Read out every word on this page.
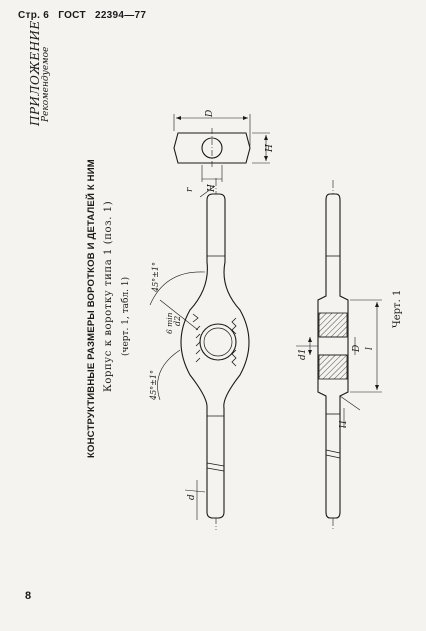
Стр. 6 ГОСТ 22394—77
ПРИЛОЖЕНИЕ Рекомендуемое
КОНСТРУКТИВНЫЕ РАЗМЕРЫ ВОРОТКОВ И ДЕТАЛЕЙ К НИМ Корпус к воротку типа 1 (поз. 1) (черт. 1, табл. 1)	Черт. 1
8
D
H
H
r
45°±1°
45°±1°
d2
6 min
d
d1
D l
l1
